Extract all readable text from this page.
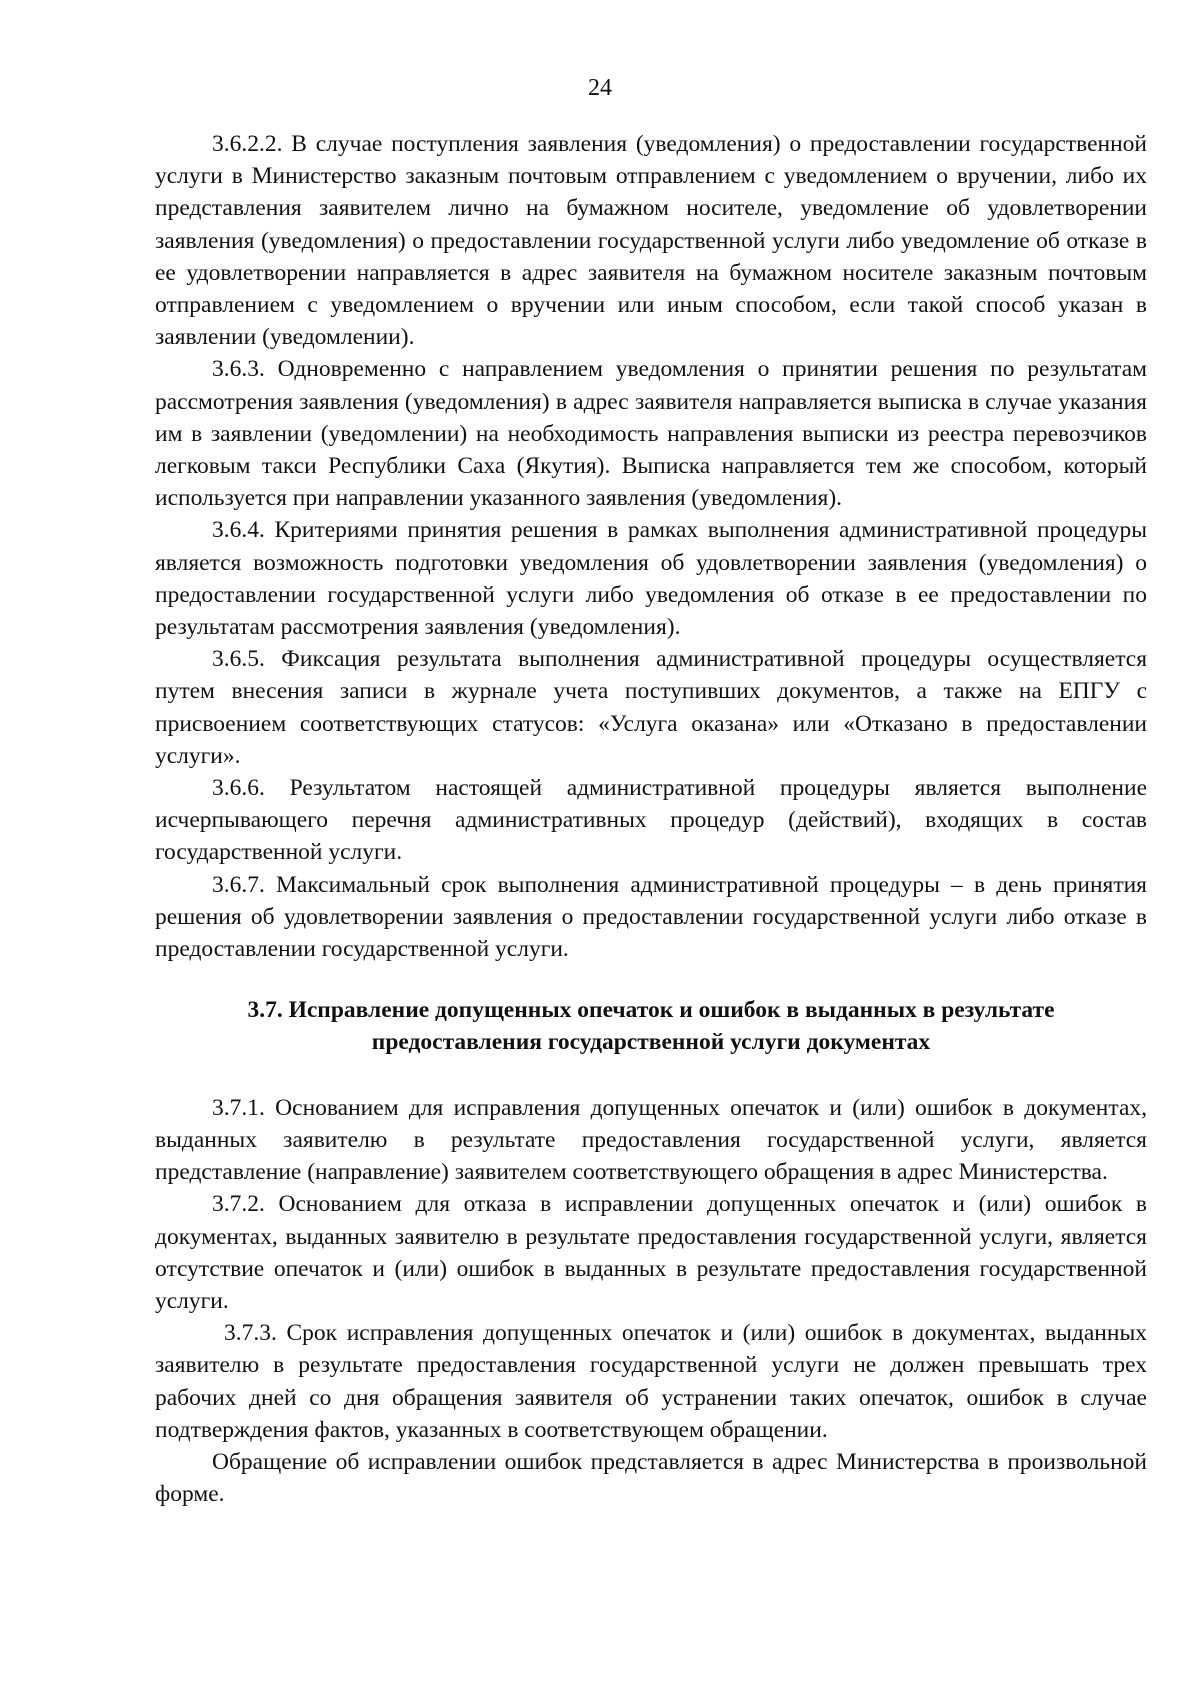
24

3.6.2.2. В случае поступления заявления (уведомления) о предоставлении государственной услуги в Министерство заказным почтовым отправлением с уведомлением о вручении, либо их представления заявителем лично на бумажном носителе, уведомление об удовлетворении заявления (уведомления) о предоставлении государственной услуги либо уведомление об отказе в ее удовлетворении направляется в адрес заявителя на бумажном носителе заказным почтовым отправлением с уведомлением о вручении или иным способом, если такой способ указан в заявлении (уведомлении).

3.6.3. Одновременно с направлением уведомления о принятии решения по результатам рассмотрения заявления (уведомления) в адрес заявителя направляется выписка в случае указания им в заявлении (уведомлении) на необходимость направления выписки из реестра перевозчиков легковым такси Республики Саха (Якутия). Выписка направляется тем же способом, который используется при направлении указанного заявления (уведомления).

3.6.4. Критериями принятия решения в рамках выполнения административной процедуры является возможность подготовки уведомления об удовлетворении заявления (уведомления) о предоставлении государственной услуги либо уведомления об отказе в ее предоставлении по результатам рассмотрения заявления (уведомления).

3.6.5. Фиксация результата выполнения административной процедуры осуществляется путем внесения записи в журнале учета поступивших документов, а также на ЕПГУ с присвоением соответствующих статусов: «Услуга оказана» или «Отказано в предоставлении услуги».

3.6.6. Результатом настоящей административной процедуры является выполнение исчерпывающего перечня административных процедур (действий), входящих в состав государственной услуги.

3.6.7. Максимальный срок выполнения административной процедуры – в день принятия решения об удовлетворении заявления о предоставлении государственной услуги либо отказе в предоставлении государственной услуги.

3.7. Исправление допущенных опечаток и ошибок в выданных в результате предоставления государственной услуги документах

3.7.1. Основанием для исправления допущенных опечаток и (или) ошибок в документах, выданных заявителю в результате предоставления государственной услуги, является представление (направление) заявителем соответствующего обращения в адрес Министерства.

3.7.2. Основанием для отказа в исправлении допущенных опечаток и (или) ошибок в документах, выданных заявителю в результате предоставления государственной услуги, является отсутствие опечаток и (или) ошибок в выданных в результате предоставления государственной услуги.

3.7.3. Срок исправления допущенных опечаток и (или) ошибок в документах, выданных заявителю в результате предоставления государственной услуги не должен превышать трех рабочих дней со дня обращения заявителя об устранении таких опечаток, ошибок в случае подтверждения фактов, указанных в соответствующем обращении.

Обращение об исправлении ошибок представляется в адрес Министерства в произвольной форме.
